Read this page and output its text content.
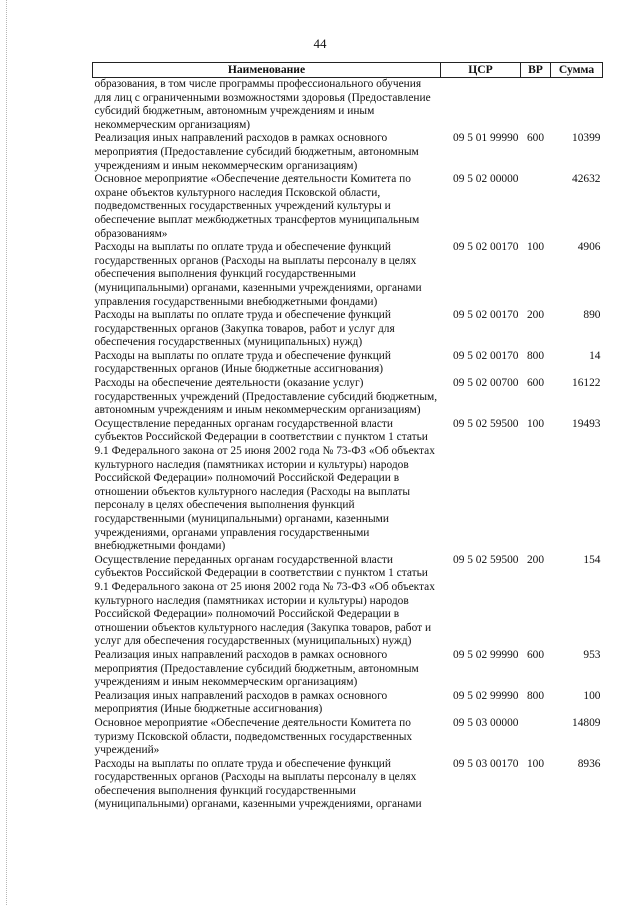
44
Наименование	ЦСР	ВР	Сумма
образования, в том числе программы профессионального обучения для лиц с ограниченными возможностями здоровья (Предоставление субсидий бюджетным, автономным учреждениям и иным некоммерческим организациям)			
Реализация иных направлений расходов в рамках основного мероприятия (Предоставление субсидий бюджетным, автономным учреждениям и иным некоммерческим организациям)	09 5 01 99990	600	10399
Основное мероприятие «Обеспечение деятельности Комитета по охране объектов культурного наследия Псковской области, подведомственных государственных учреждений культуры и обеспечение выплат межбюджетных трансфертов муниципальным образованиям»	09 5 02 00000		42632
Расходы на выплаты по оплате труда и обеспечение функций государственных органов (Расходы на выплаты персоналу в целях обеспечения выполнения функций государственными (муниципальными) органами, казенными учреждениями, органами управления государственными внебюджетными фондами)	09 5 02 00170	100	4906
Расходы на выплаты по оплате труда и обеспечение функций государственных органов (Закупка товаров, работ и услуг для обеспечения государственных (муниципальных) нужд)	09 5 02 00170	200	890
Расходы на выплаты по оплате труда и обеспечение функций государственных органов (Иные бюджетные ассигнования)	09 5 02 00170	800	14
Расходы на обеспечение деятельности (оказание услуг) государственных учреждений (Предоставление субсидий бюджетным, автономным учреждениям и иным некоммерческим организациям)	09 5 02 00700	600	16122
Осуществление переданных органам государственной власти субъектов Российской Федерации в соответствии с пунктом 1 статьи 9.1 Федерального закона от 25 июня 2002 года № 73-ФЗ «Об объектах культурного наследия (памятниках истории и культуры) народов Российской Федерации» полномочий Российской Федерации в отношении объектов культурного наследия (Расходы на выплаты персоналу в целях обеспечения выполнения функций государственными (муниципальными) органами, казенными учреждениями, органами управления государственными внебюджетными фондами)	09 5 02 59500	100	19493
Осуществление переданных органам государственной власти субъектов Российской Федерации в соответствии с пунктом 1 статьи 9.1 Федерального закона от 25 июня 2002 года № 73-ФЗ «Об объектах культурного наследия (памятниках истории и культуры) народов Российской Федерации» полномочий Российской Федерации в отношении объектов культурного наследия (Закупка товаров, работ и услуг для обеспечения государственных (муниципальных) нужд)	09 5 02 59500	200	154
Реализация иных направлений расходов в рамках основного мероприятия (Предоставление субсидий бюджетным, автономным учреждениям и иным некоммерческим организациям)	09 5 02 99990	600	953
Реализация иных направлений расходов в рамках основного мероприятия (Иные бюджетные ассигнования)	09 5 02 99990	800	100
Основное мероприятие «Обеспечение деятельности Комитета по туризму Псковской области, подведомственных государственных учреждений»	09 5 03 00000		14809
Расходы на выплаты по оплате труда и обеспечение функций государственных органов (Расходы на выплаты персоналу в целях обеспечения выполнения функций государственными (муниципальными) органами, казенными учреждениями, органами	09 5 03 00170	100	8936
